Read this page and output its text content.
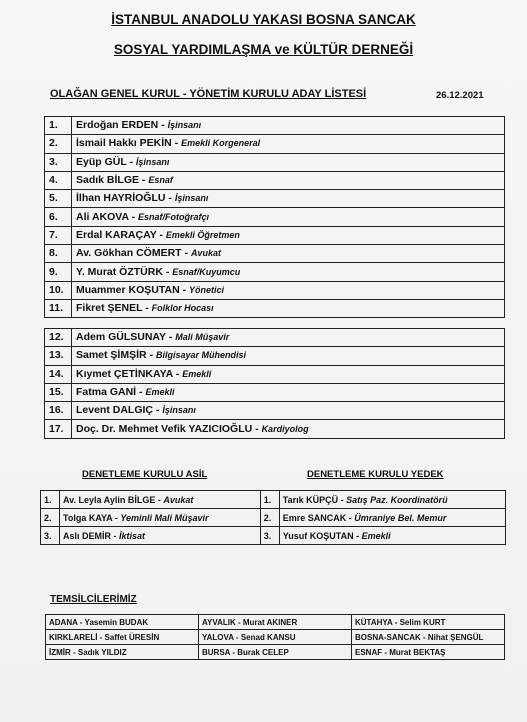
İSTANBUL ANADOLU YAKASI BOSNA SANCAK
SOSYAL YARDIMLAŞMA ve KÜLTÜR DERNEĞİ
OLAĞAN GENEL KURUL - YÖNETİM KURULU ADAY LİSTESİ	26.12.2021
1.	Erdoğan ERDEN - İşinsanı
2.	İsmail Hakkı PEKİN - Emekli Korgeneral
3.	Eyüp GÜL - İşinsanı
4.	Sadık BİLGE - Esnaf
5.	İlhan HAYRİOĞLU - İşinsanı
6.	Ali AKOVA - Esnaf/Fotoğrafçı
7.	Erdal KARAÇAY - Emekli Öğretmen
8.	Av. Gökhan CÖMERT - Avukat
9.	Y. Murat ÖZTÜRK - Esnaf/Kuyumcu
10.	Muammer KOŞUTAN - Yönetici
11.	Fikret ŞENEL - Folklor Hocası
12.	Adem GÜLSUNAY - Mali Müşavir
13.	Samet ŞİMŞİR - Bilgisayar Mühendisi
14.	Kıymet ÇETİNKAYA - Emekli
15.	Fatma GANİ - Emekli
16.	Levent DALGIÇ - İşinsanı
17.	Doç. Dr. Mehmet Vefik YAZICIOĞLU - Kardiyolog
DENETLEME KURULU ASİL	DENETLEME KURULU YEDEK
1.	Av. Leyla Aylin BİLGE - Avukat	1.	Tarık KÜPÇÜ - Satış Paz. Koordinatörü
2.	Tolga KAYA - Yeminli Mali Müşavir	2.	Emre SANCAK - Ümraniye Bel. Memur
3.	Aslı DEMİR - İktisat	3.	Yusuf KOŞUTAN - Emekli
TEMSİLCİLERİMİZ
ADANA - Yasemin BUDAK	AYVALIK - Murat AKINER	KÜTAHYA - Selim KURT
KIRKLARELİ - Saffet ÜRESİN	YALOVA - Senad KANSU	BOSNA-SANCAK - Nihat ŞENGÜL
İZMİR - Sadık YILDIZ	BURSA - Burak CELEP	ESNAF - Murat BEKTAŞ
